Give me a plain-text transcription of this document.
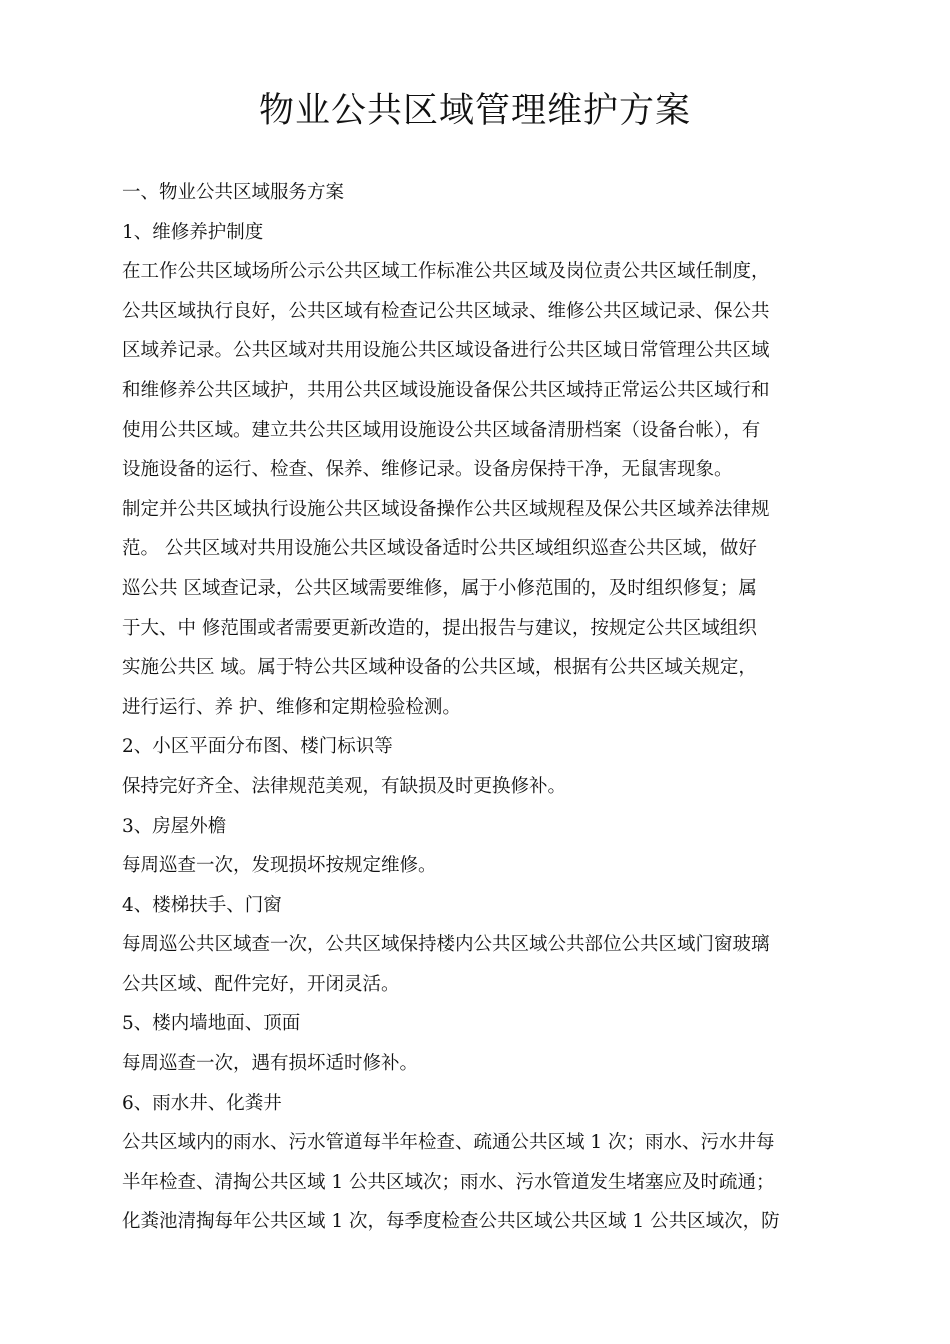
物业公共区域管理维护方案

一、物业公共区域服务方案

1、维修养护制度

在工作公共区域场所公示公共区域工作标准公共区域及岗位责公共区域任制度，

公共区域执行良好，公共区域有检查记公共区域录、维修公共区域记录、保公共

区域养记录。公共区域对共用设施公共区域设备进行公共区域日常管理公共区域

和维修养公共区域护，共用公共区域设施设备保公共区域持正常运公共区域行和

使用公共区域。建立共公共区域用设施设公共区域备清册档案（设备台帐），有

设施设备的运行、检查、保养、维修记录。设备房保持干净，无鼠害现象。

制定并公共区域执行设施公共区域设备操作公共区域规程及保公共区域养法律规

范。 公共区域对共用设施公共区域设备适时公共区域组织巡查公共区域，做好

巡公共 区域查记录，公共区域需要维修，属于小修范围的，及时组织修复；属

于大、中 修范围或者需要更新改造的，提出报告与建议，按规定公共区域组织

实施公共区 域。属于特公共区域种设备的公共区域，根据有公共区域关规定，

进行运行、养 护、维修和定期检验检测。

2、小区平面分布图、楼门标识等

保持完好齐全、法律规范美观，有缺损及时更换修补。

3、房屋外檐

每周巡查一次，发现损坏按规定维修。

4、楼梯扶手、门窗

每周巡公共区域查一次，公共区域保持楼内公共区域公共部位公共区域门窗玻璃

公共区域、配件完好，开闭灵活。

5、楼内墙地面、顶面

每周巡查一次，遇有损坏适时修补。

6、雨水井、化粪井

公共区域内的雨水、污水管道每半年检查、疏通公共区域 1 次；雨水、污水井每

半年检查、清掏公共区域 1 公共区域次；雨水、污水管道发生堵塞应及时疏通；

化粪池清掏每年公共区域 1 次，每季度检查公共区域公共区域 1 公共区域次，防
